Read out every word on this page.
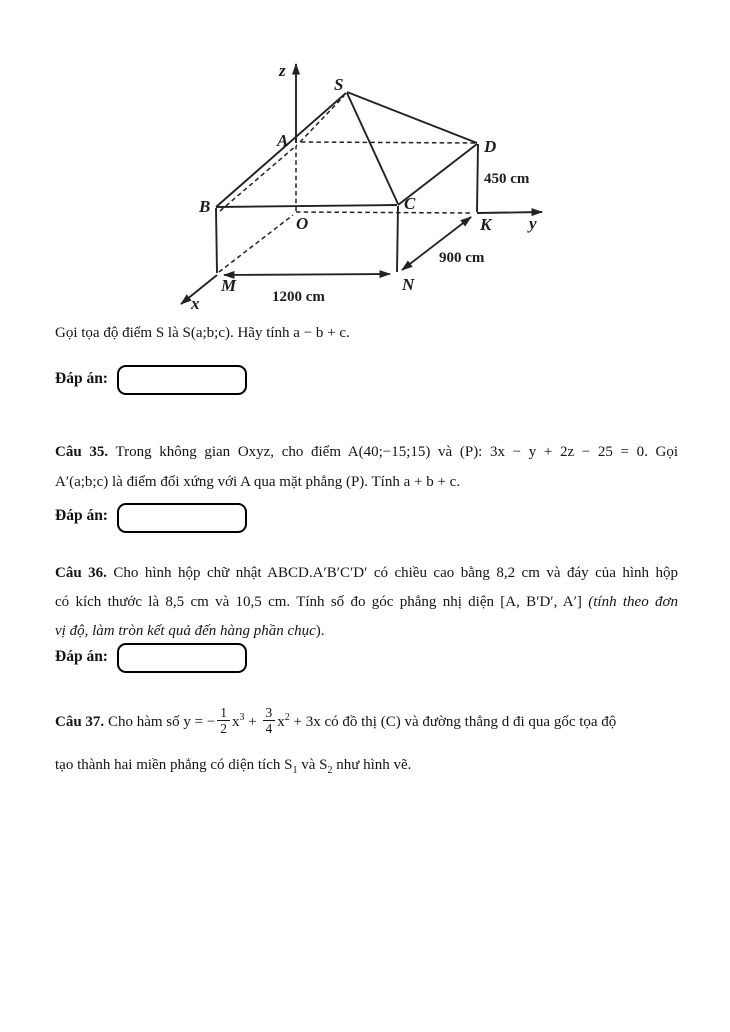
z
S
A	D
B	C
O	K y
M	N
x
450 cm
900 cm
1200 cm
Gọi tọa độ điểm S là S(a;b;c). Hãy tính a − b + c.
Đáp án:
Câu 35. Trong không gian Oxyz, cho điểm A(40;−15;15) và (P): 3x − y + 2z − 25 = 0. Gọi
A′(a;b;c) là điểm đối xứng với A qua mặt phẳng (P). Tính a + b + c.
Đáp án:
Câu 36. Cho hình hộp chữ nhật ABCD.A′B′C′D′ có chiều cao bằng 8,2 cm và đáy của hình hộp
có kích thước là 8,5 cm và 10,5 cm. Tính số đo góc phẳng nhị diện [A, B′D′, A′] (tính theo đơn
vị độ, làm tròn kết quả đến hàng phần chục).
Đáp án:
Câu 37. Cho hàm số y = − $\frac{1}{2} x^3 + \frac{3}{4} x^2 + 3x$ có đồ thị (C) và đường thẳng d đi qua gốc tọa độ
tạo thành hai miền phẳng có diện tích $S_1$ và $S_2$ như hình vẽ.
